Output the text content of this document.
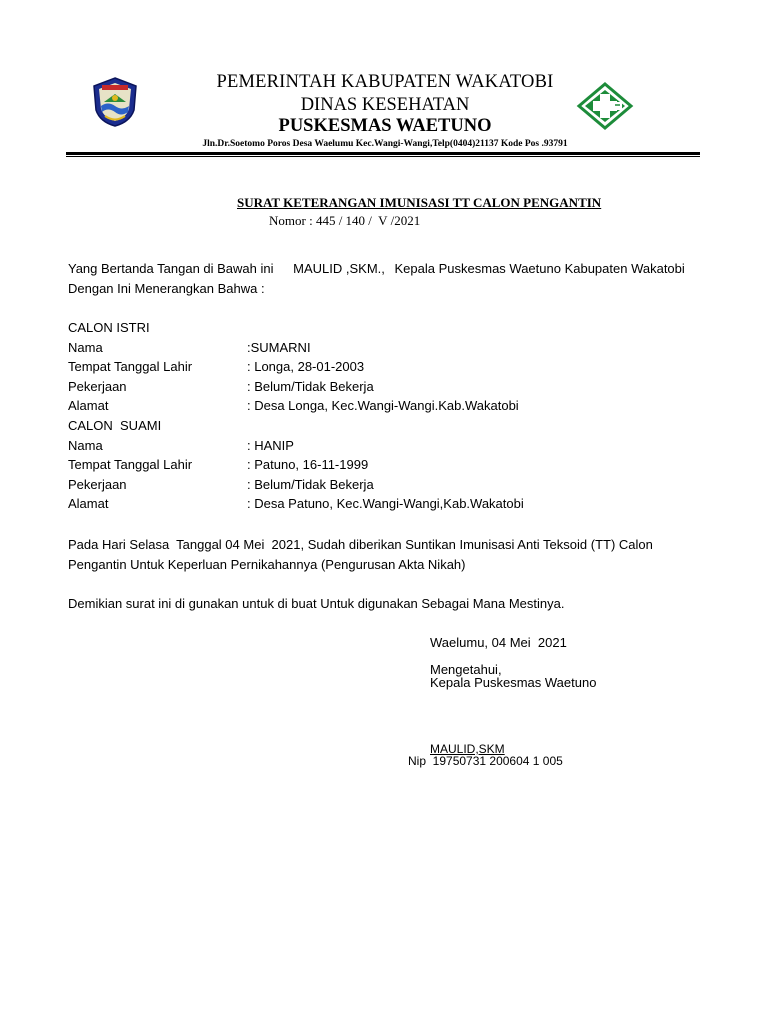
PEMERINTAH KABUPATEN WAKATOBI
DINAS KESEHATAN
PUSKESMAS WAETUNO
Jln.Dr.Soetomo Poros Desa Waelumu Kec.Wangi-Wangi,Telp(0404)21137 Kode Pos .93791
SURAT KETERANGAN IMUNISASI TT CALON PENGANTIN
Nomor : 445 / 140 /  V /2021
Yang Bertanda Tangan di Bawah ini MAULID ,SKM., Kepala Puskesmas Waetuno Kabupaten Wakatobi
Dengan Ini Menerangkan Bahwa :
CALON ISTRI
Nama	:SUMARNI
Tempat Tanggal Lahir	: Longa, 28-01-2003
Pekerjaan	: Belum/Tidak Bekerja
Alamat	: Desa Longa, Kec.Wangi-Wangi.Kab.Wakatobi
CALON  SUAMI
Nama	: HANIP
Tempat Tanggal Lahir	: Patuno, 16-11-1999
Pekerjaan	: Belum/Tidak Bekerja
Alamat	: Desa Patuno, Kec.Wangi-Wangi,Kab.Wakatobi
Pada Hari Selasa  Tanggal 04 Mei  2021, Sudah diberikan Suntikan Imunisasi Anti Teksoid (TT) Calon
Pengantin Untuk Keperluan Pernikahannya (Pengurusan Akta Nikah)
Demikian surat ini di gunakan untuk di buat Untuk digunakan Sebagai Mana Mestinya.
Waelumu, 04 Mei  2021
Mengetahui,
Kepala Puskesmas Waetuno
MAULID,SKM
Nip  19750731 200604 1 005
